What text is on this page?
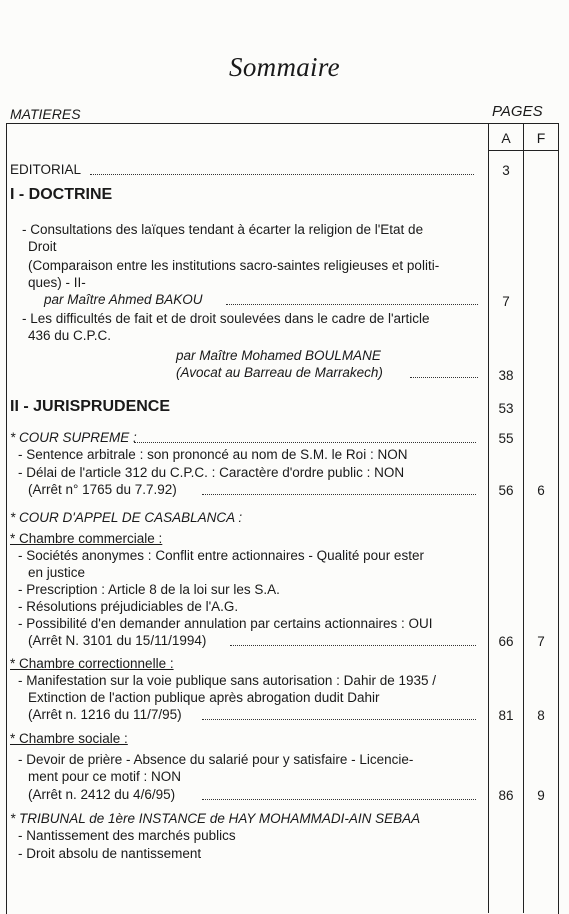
Sommaire
MATIERES	PAGES
A	F
EDITORIAL	3
I - DOCTRINE
- Consultations des laïques tendant à écarter la religion de l'Etat de
Droit
(Comparaison entre les institutions sacro-saintes religieuses et politi-
ques) - II-
par Maître Ahmed BAKOU	7
- Les difficultés de fait et de droit soulevées dans le cadre de l'article
436 du C.P.C.
par Maître Mohamed BOULMANE
(Avocat au Barreau de Marrakech)	38
II - JURISPRUDENCE	53
* COUR SUPREME :	55
- Sentence arbitrale : son prononcé au nom de S.M. le Roi : NON
- Délai de l'article 312 du C.P.C. : Caractère d'ordre public : NON
(Arrêt n° 1765 du 7.7.92)	56	6
* COUR D'APPEL DE CASABLANCA :
* Chambre commerciale :
- Sociétés anonymes : Conflit entre actionnaires - Qualité pour ester
en justice
- Prescription : Article 8 de la loi sur les S.A.
- Résolutions préjudiciables de l'A.G.
- Possibilité d'en demander annulation par certains actionnaires : OUI
(Arrêt N. 3101 du 15/11/1994)	66	7
* Chambre correctionnelle :
- Manifestation sur la voie publique sans autorisation : Dahir de 1935 /
Extinction de l'action publique après abrogation dudit Dahir
(Arrêt n. 1216 du 11/7/95)	81	8
* Chambre sociale :
- Devoir de prière - Absence du salarié pour y satisfaire - Licencie-
ment pour ce motif : NON
(Arrêt n. 2412 du 4/6/95)	86	9
* TRIBUNAL de 1ère INSTANCE de HAY MOHAMMADI-AIN SEBAA
- Nantissement des marchés publics
- Droit absolu de nantissement
